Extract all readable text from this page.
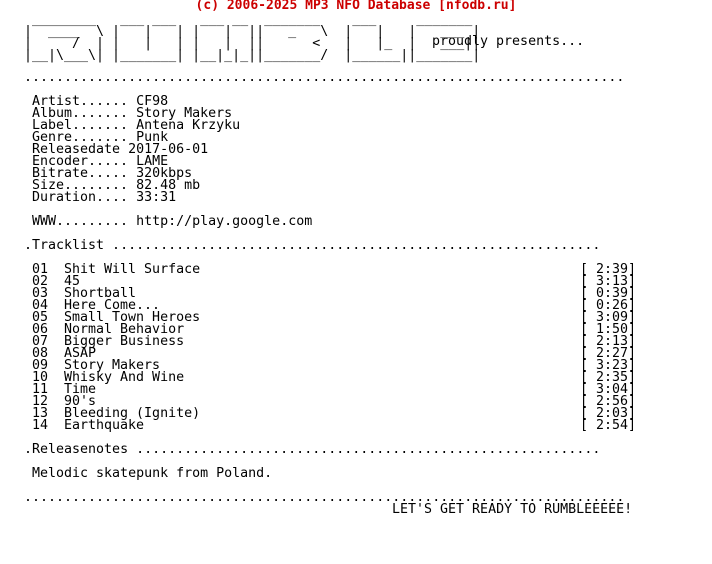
(c) 2006-2025 MP3 NFO Database [nfodb.ru]
________   ___ ___   ___ __  _______    ___     _______
|  ____  \ |   |   | |   |  ||   _   \  |   |   |   ___ |
|     /  | |   |   | |   |  ||      <   |   |_  |   ___||
|__|\___\| |_______| |__|_|_||_______/  |______||_______|
proudly presents...
...........................................................................
Artist...... CF98
Album....... Story Makers
Label....... Antena Krzyku
Genre....... Punk
Releasedate 2017-06-01
Encoder..... LAME
Bitrate..... 320kbps
Size........ 82.48 mb
Duration.... 33:31
WWW......... http://play.google.com
.Tracklist .............................................................
01 Shit Will Surface	[ 2:39]
02 45	[ 3:13]
03 Shortball	[ 0:39]
04 Here Come...	[ 0:26]
05 Small Town Heroes	[ 3:09]
06 Normal Behavior	[ 1:50]
07 Bigger Business	[ 2:13]
08 ASAP	[ 2:27]
09 Story Makers	[ 3:23]
10 Whisky And Wine	[ 2:35]
11 Time	[ 3:04]
12 90's	[ 2:56]
13 Bleeding (Ignite)	[ 2:03]
14 Earthquake	[ 2:54]
.Releasenotes ..........................................................
Melodic skatepunk from Poland.
...........................................................................
LET'S GET READY TO RUMBLEEEEE!
